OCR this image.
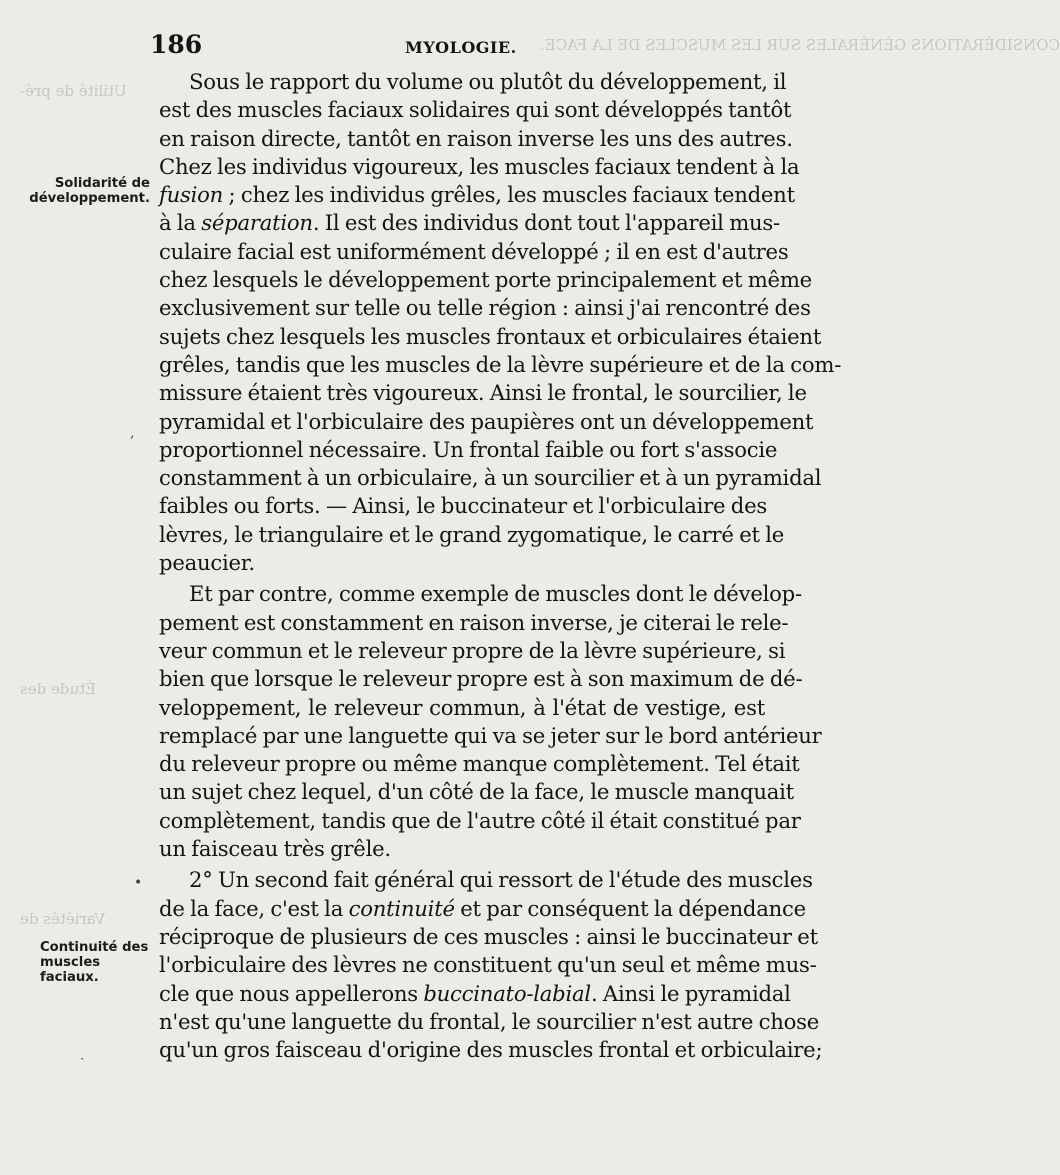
CONSIDÉRATIONS GÉNÉRALES SUR LES MUSCLES DE LA FACE.
Utilité de pré-
Étude des
Variétés de
186	MYOLOGIE.
Solidarité de développement.
Continuité des muscles faciaux.
,
•
ˎ
Sous le rapport du volume ou plutôt du développement, il
est des muscles faciaux solidaires qui sont développés tantôt
en raison directe, tantôt en raison inverse les uns des autres.
Chez les individus vigoureux, les muscles faciaux tendent à la
fusion ; chez les individus grêles, les muscles faciaux tendent
à la séparation. Il est des individus dont tout l'appareil mus-
culaire facial est uniformément développé ; il en est d'autres
chez lesquels le développement porte principalement et même
exclusivement sur telle ou telle région : ainsi j'ai rencontré des
sujets chez lesquels les muscles frontaux et orbiculaires étaient
grêles, tandis que les muscles de la lèvre supérieure et de la com-
missure étaient très vigoureux. Ainsi le frontal, le sourcilier, le
pyramidal et l'orbiculaire des paupières ont un développement
proportionnel nécessaire. Un frontal faible ou fort s'associe
constamment à un orbiculaire, à un sourcilier et à un pyramidal
faibles ou forts. — Ainsi, le buccinateur et l'orbiculaire des
lèvres, le triangulaire et le grand zygomatique, le carré et le
peaucier.
Et par contre, comme exemple de muscles dont le dévelop-
pement est constamment en raison inverse, je citerai le rele-
veur commun et le releveur propre de la lèvre supérieure, si
bien que lorsque le releveur propre est à son maximum de dé-
veloppement, le releveur commun, à l'état de vestige, est
remplacé par une languette qui va se jeter sur le bord antérieur
du releveur propre ou même manque complètement. Tel était
un sujet chez lequel, d'un côté de la face, le muscle manquait
complètement, tandis que de l'autre côté il était constitué par
un faisceau très grêle.
2° Un second fait général qui ressort de l'étude des muscles
de la face, c'est la continuité et par conséquent la dépendance
réciproque de plusieurs de ces muscles : ainsi le buccinateur et
l'orbiculaire des lèvres ne constituent qu'un seul et même mus-
cle que nous appellerons buccinato-labial. Ainsi le pyramidal
n'est qu'une languette du frontal, le sourcilier n'est autre chose
qu'un gros faisceau d'origine des muscles frontal et orbiculaire;
